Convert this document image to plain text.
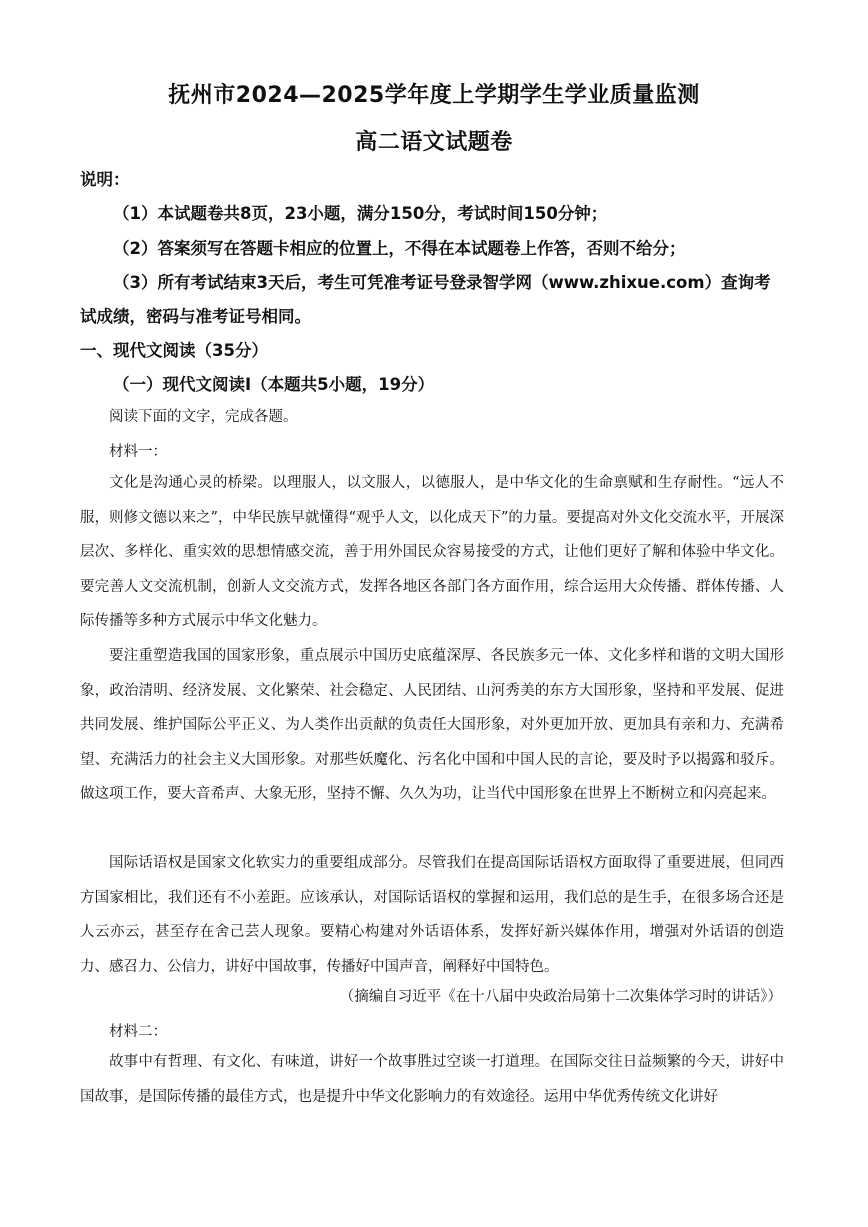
抚州市2024—2025学年度上学期学生学业质量监测
高二语文试题卷
说明：
（1）本试题卷共8页，23小题，满分150分，考试时间150分钟；
（2）答案须写在答题卡相应的位置上，不得在本试题卷上作答，否则不给分；
（3）所有考试结束3天后，考生可凭准考证号登录智学网（www.zhixue.com）查询考
试成绩，密码与准考证号相同。
一、现代文阅读（35分）
（一）现代文阅读Ⅰ（本题共5小题，19分）
阅读下面的文字，完成各题。
材料一：
文化是沟通心灵的桥梁。以理服人，以文服人，以德服人，是中华文化的生命禀赋和生存耐性。“远人不服，则修文德以来之”，中华民族早就懂得“观乎人文，以化成天下”的力量。要提高对外文化交流水平，开展深层次、多样化、重实效的思想情感交流，善于用外国民众容易接受的方式，让他们更好了解和体验中华文化。要完善人文交流机制，创新人文交流方式，发挥各地区各部门各方面作用，综合运用大众传播、群体传播、人际传播等多种方式展示中华文化魅力。
要注重塑造我国的国家形象，重点展示中国历史底蕴深厚、各民族多元一体、文化多样和谐的文明大国形象，政治清明、经济发展、文化繁荣、社会稳定、人民团结、山河秀美的东方大国形象，坚持和平发展、促进共同发展、维护国际公平正义、为人类作出贡献的负责任大国形象，对外更加开放、更加具有亲和力、充满希望、充满活力的社会主义大国形象。对那些妖魔化、污名化中国和中国人民的言论，要及时予以揭露和驳斥。做这项工作，要大音希声、大象无形，坚持不懈、久久为功，让当代中国形象在世界上不断树立和闪亮起来。
国际话语权是国家文化软实力的重要组成部分。尽管我们在提高国际话语权方面取得了重要进展，但同西方国家相比，我们还有不小差距。应该承认，对国际话语权的掌握和运用，我们总的是生手，在很多场合还是人云亦云，甚至存在舍己芸人现象。要精心构建对外话语体系，发挥好新兴媒体作用，增强对外话语的创造力、感召力、公信力，讲好中国故事，传播好中国声音，阐释好中国特色。
（摘编自习近平《在十八届中央政治局第十二次集体学习时的讲话》）
材料二：
故事中有哲理、有文化、有味道，讲好一个故事胜过空谈一打道理。在国际交往日益频繁的今天，讲好中国故事，是国际传播的最佳方式，也是提升中华文化影响力的有效途径。运用中华优秀传统文化讲好
